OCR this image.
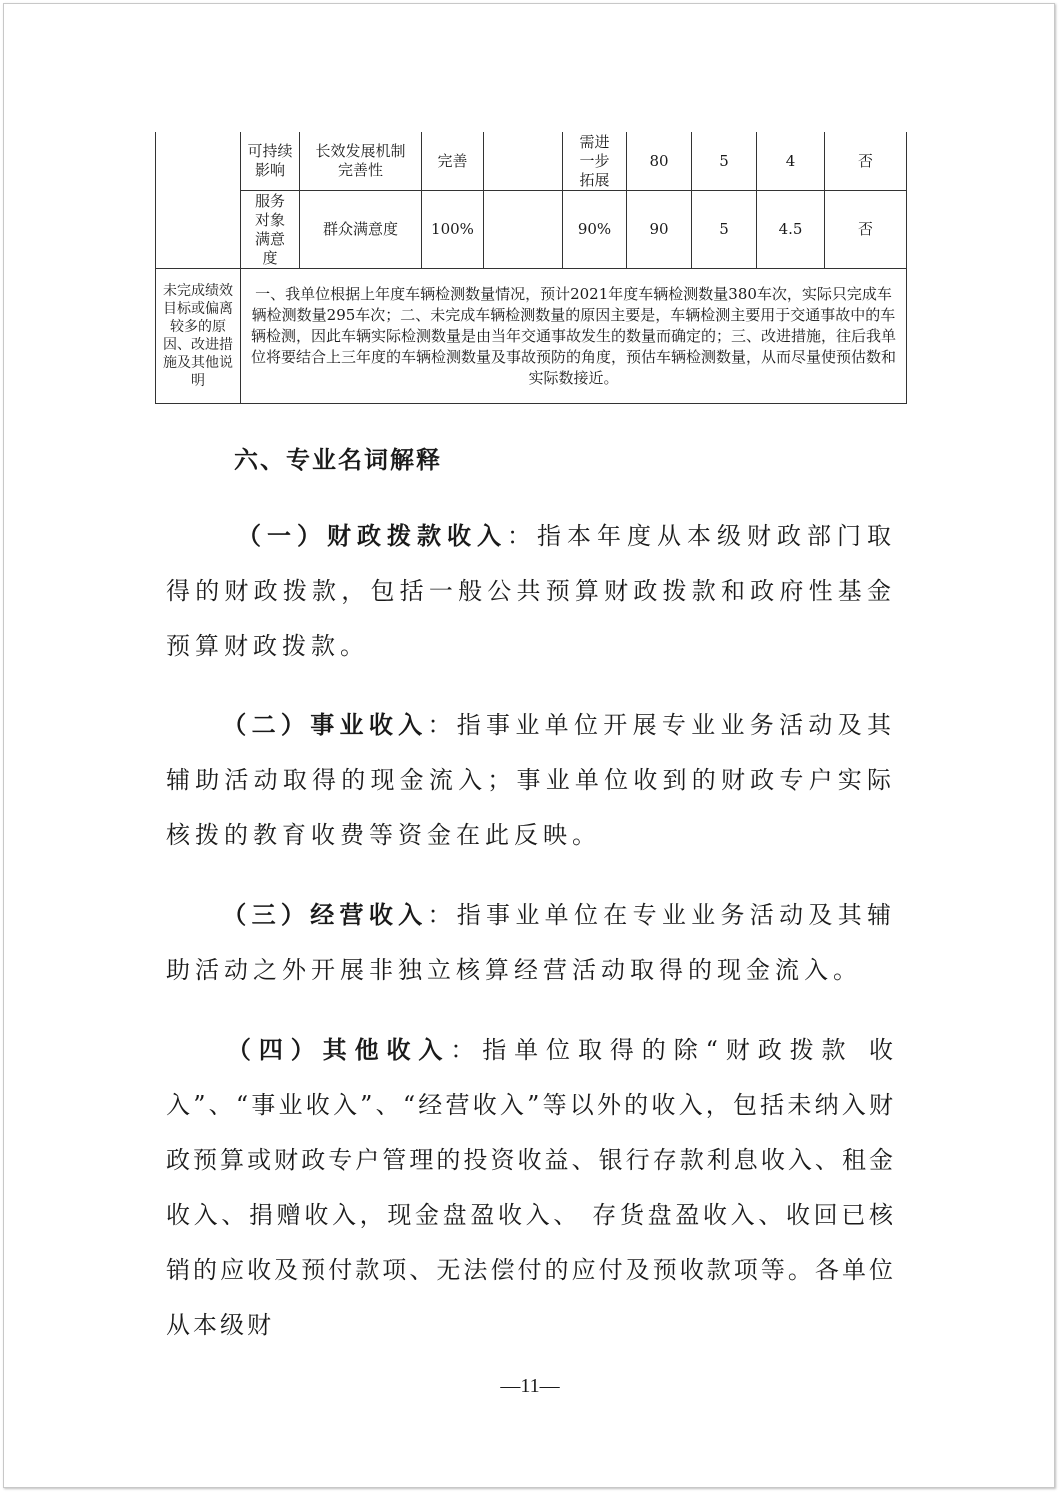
	可持续影响	长效发展机制完善性	完善		需进一步拓展	80	5	4	否
	服务对象满意度	群众满意度	100%		90%	90	5	4.5	否
未完成绩效目标或偏离较多的原因、改进措施及其他说明	一、我单位根据上年度车辆检测数量情况，预计2021年度车辆检测数量380车次，实际只完成车辆检测数量295车次；二、未完成车辆检测数量的原因主要是，车辆检测主要用于交通事故中的车辆检测，因此车辆实际检测数量是由当年交通事故发生的数量而确定的；三、改进措施，往后我单位将要结合上三年度的车辆检测数量及事故预防的角度，预估车辆检测数量，从而尽量使预估数和实际数接近。								
六、专业名词解释
（一）财政拨款收入：指本年度从本级财政部门取得的财政拨款，包括一般公共预算财政拨款和政府性基金预算财政拨款。
（二）事业收入：指事业单位开展专业业务活动及其辅助活动取得的现金流入；事业单位收到的财政专户实际核拨的教育收费等资金在此反映。
（三）经营收入：指事业单位在专业业务活动及其辅助活动之外开展非独立核算经营活动取得的现金流入。
（四）其他收入：指单位取得的除“财政拨款 收入”、“事业收入”、“经营收入”等以外的收入，包括未纳入财政预算或财政专户管理的投资收益、银行存款利息收入、租金收入、捐赠收入，现金盘盈收入、 存货盘盈收入、收回已核销的应收及预付款项、无法偿付的应付及预收款项等。各单位从本级财
—11—
